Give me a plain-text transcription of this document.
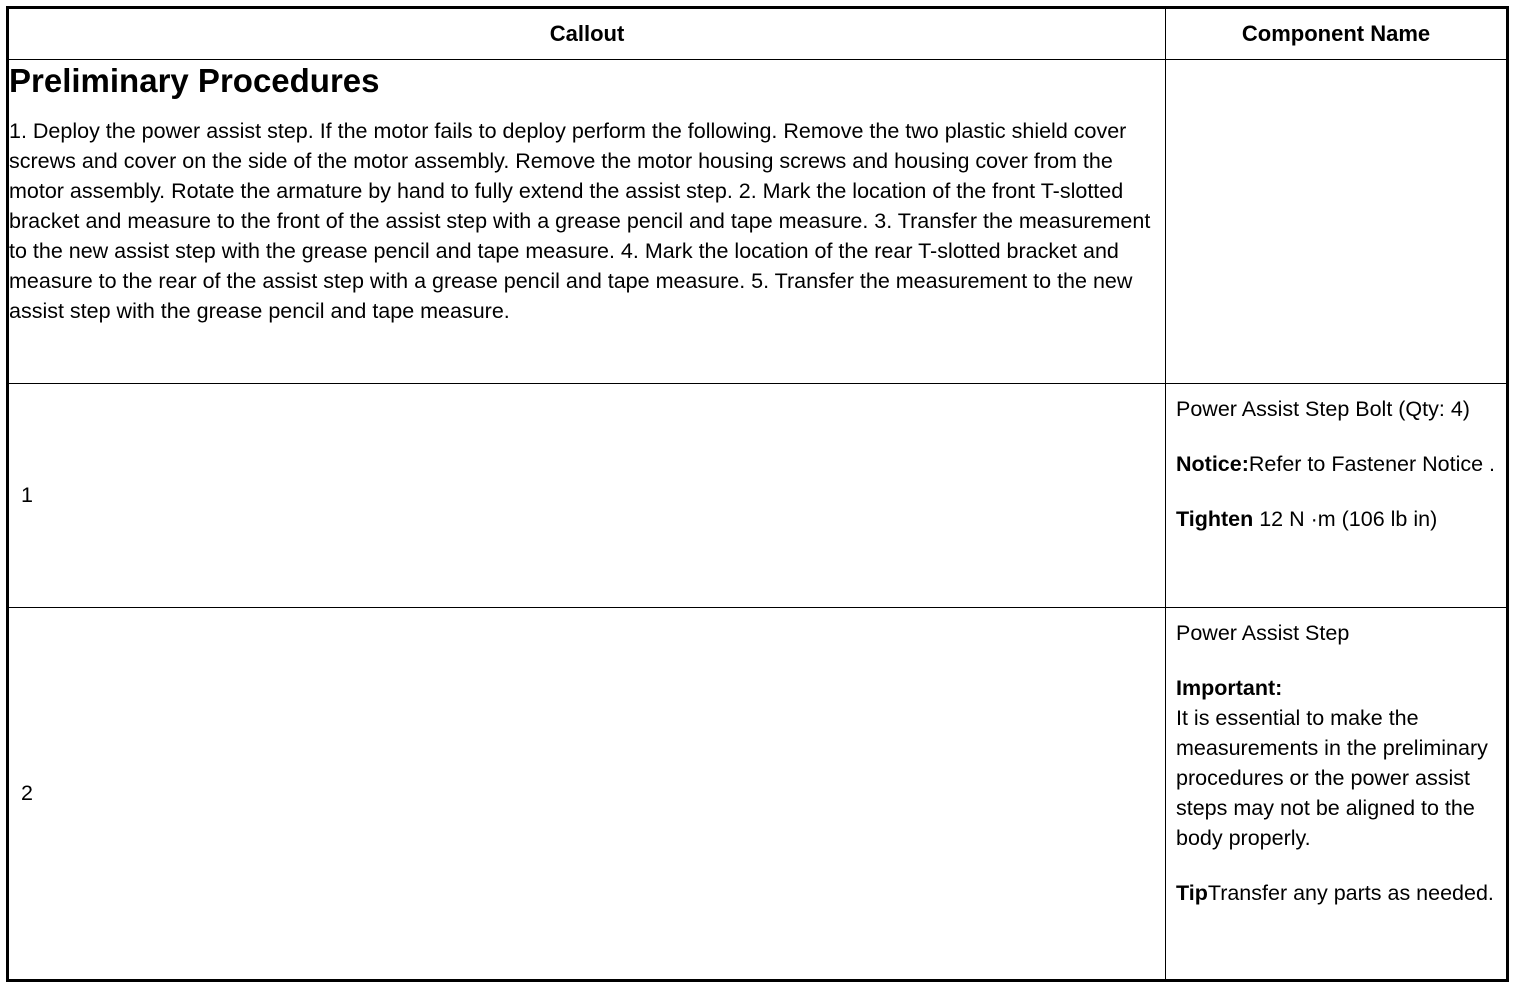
Callout	Component Name

Preliminary Procedures

1. Deploy the power assist step. If the motor fails to deploy perform the following. Remove the two plastic shield cover screws and cover on the side of the motor assembly. Remove the motor housing screws and housing cover from the motor assembly. Rotate the armature by hand to fully extend the assist step. 2. Mark the location of the front T-slotted bracket and measure to the front of the assist step with a grease pencil and tape measure. 3. Transfer the measurement to the new assist step with the grease pencil and tape measure. 4. Mark the location of the rear T-slotted bracket and measure to the rear of the assist step with a grease pencil and tape measure. 5. Transfer the measurement to the new assist step with the grease pencil and tape measure.	

1	Power Assist Step Bolt (Qty: 4)

Notice:Refer to Fastener Notice .

Tighten 12 N ·m (106 lb in)

2	Power Assist Step

Important:
It is essential to make the measurements in the preliminary procedures or the power assist steps may not be aligned to the body properly.

TipTransfer any parts as needed.
